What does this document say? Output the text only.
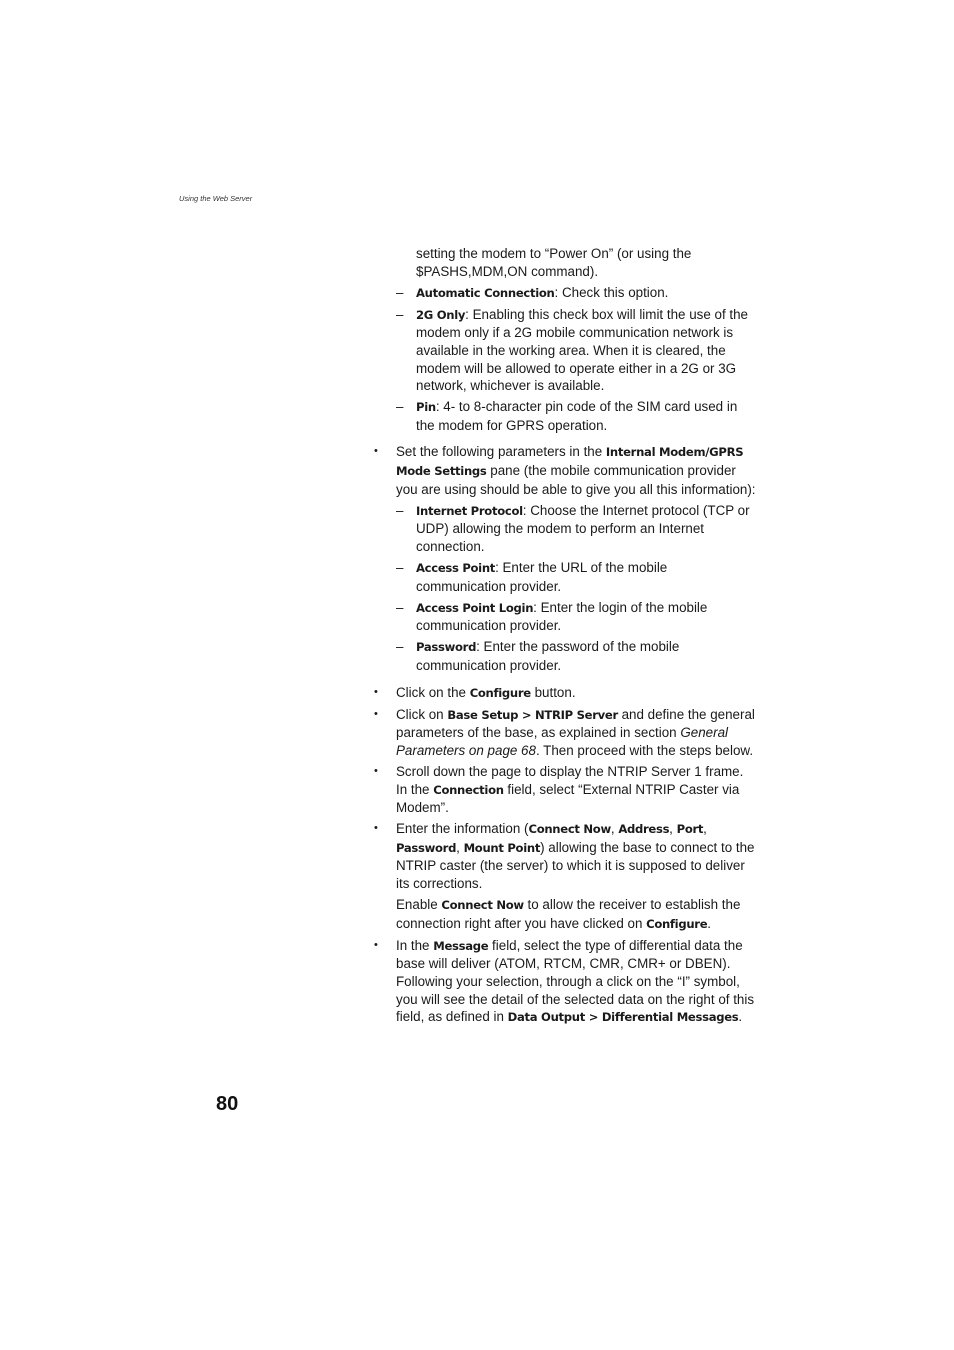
Using the Web Server

setting the modem to “Power On” (or using the $PASHS,MDM,ON command).

– Automatic Connection: Check this option.
– 2G Only: Enabling this check box will limit the use of the modem only if a 2G mobile communication network is available in the working area. When it is cleared, the modem will be allowed to operate either in a 2G or 3G network, whichever is available.
– Pin: 4- to 8-character pin code of the SIM card used in the modem for GPRS operation.
• Set the following parameters in the Internal Modem/GPRS Mode Settings pane (the mobile communication provider you are using should be able to give you all this information):
– Internet Protocol: Choose the Internet protocol (TCP or UDP) allowing the modem to perform an Internet connection.
– Access Point: Enter the URL of the mobile communication provider.
– Access Point Login: Enter the login of the mobile communication provider.
– Password: Enter the password of the mobile communication provider.
• Click on the Configure button.
• Click on Base Setup > NTRIP Server and define the general parameters of the base, as explained in section General Parameters on page 68. Then proceed with the steps below.
• Scroll down the page to display the NTRIP Server 1 frame. In the Connection field, select “External NTRIP Caster via Modem”.
• Enter the information (Connect Now, Address, Port, Password, Mount Point) allowing the base to connect to the NTRIP caster (the server) to which it is supposed to deliver its corrections.

Enable Connect Now to allow the receiver to establish the connection right after you have clicked on Configure.

• In the Message field, select the type of differential data the base will deliver (ATOM, RTCM, CMR, CMR+ or DBEN). Following your selection, through a click on the “I” symbol, you will see the detail of the selected data on the right of this field, as defined in Data Output > Differential Messages.
80
